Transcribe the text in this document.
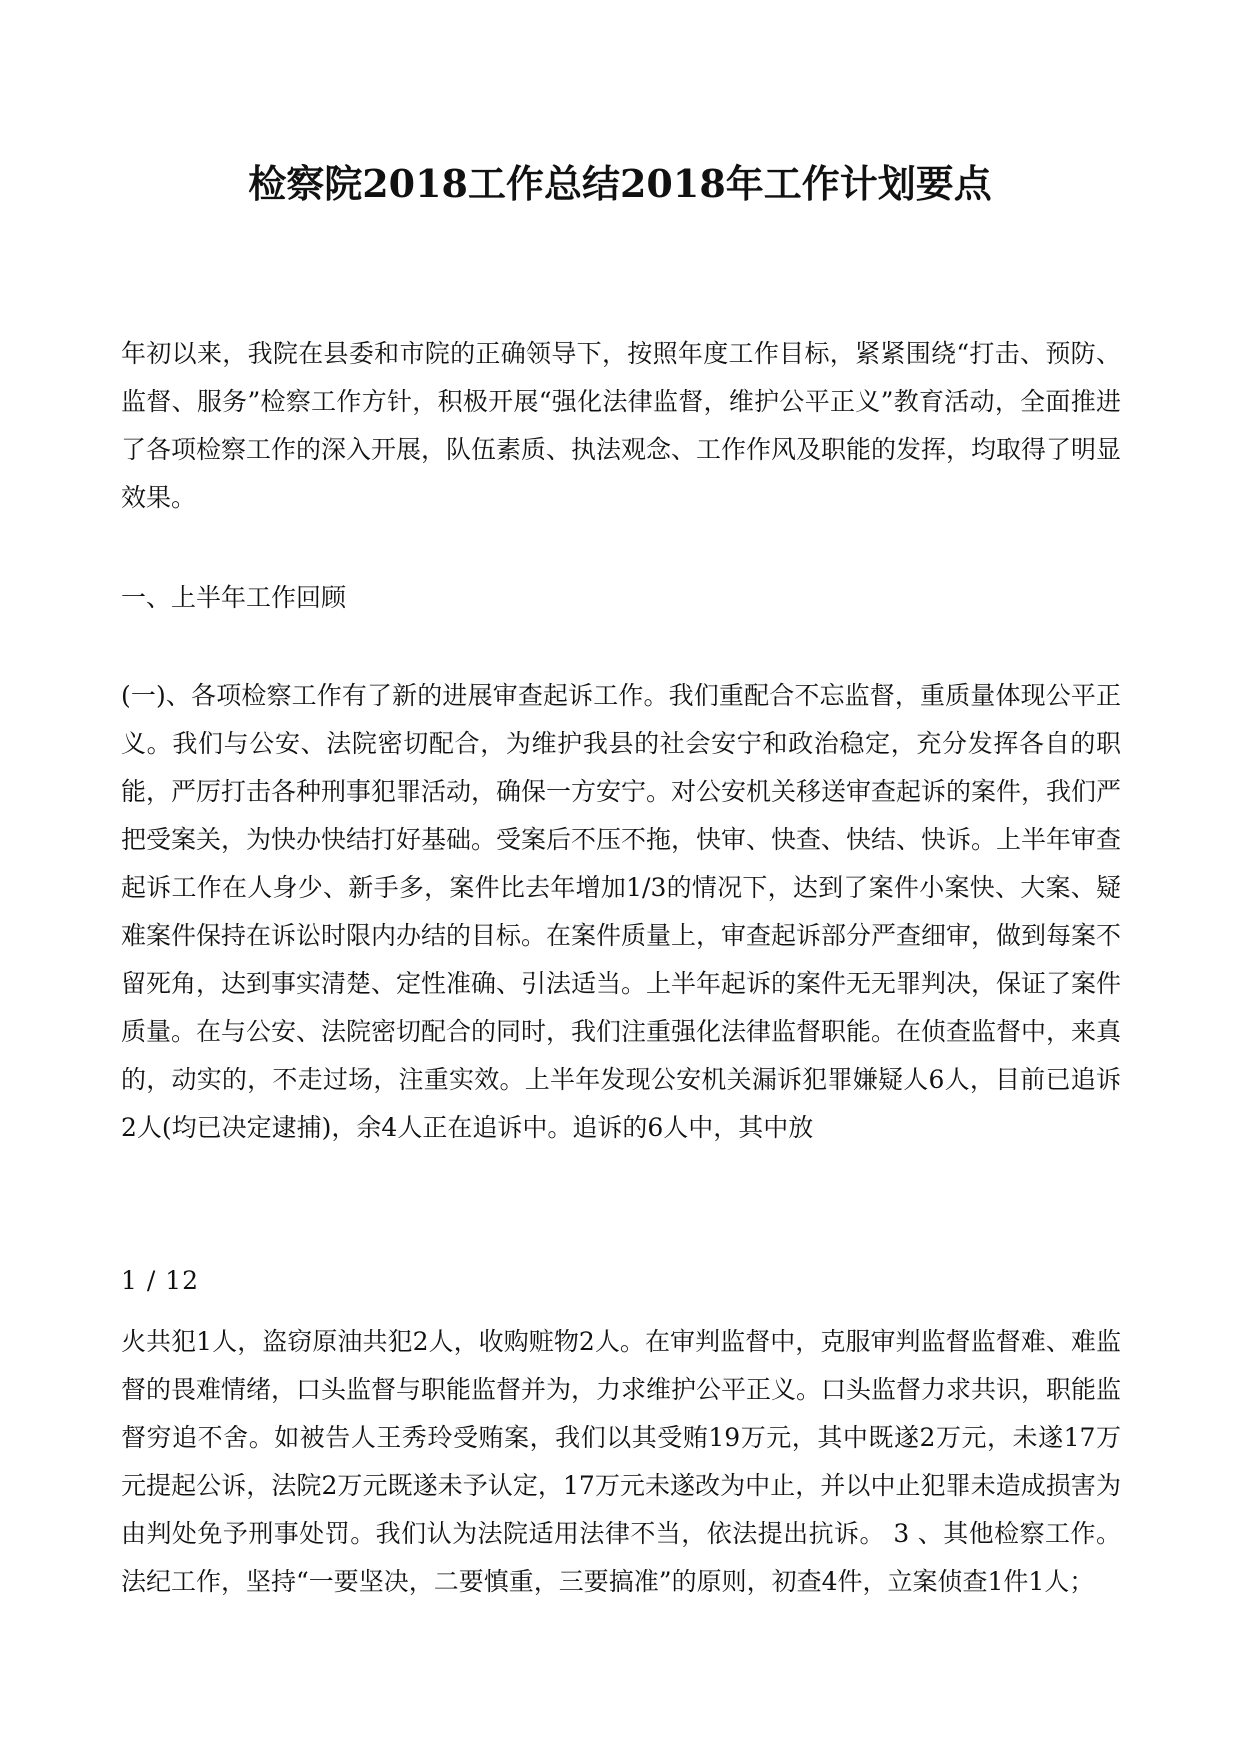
检察院2018工作总结2018年工作计划要点

年初以来，我院在县委和市院的正确领导下，按照年度工作目标，紧紧围绕“打击、预防、监督、服务”检察工作方针，积极开展“强化法律监督，维护公平正义”教育活动，全面推进了各项检察工作的深入开展，队伍素质、执法观念、工作作风及职能的发挥，均取得了明显效果。

一、上半年工作回顾

(一)、各项检察工作有了新的进展审查起诉工作。我们重配合不忘监督，重质量体现公平正义。我们与公安、法院密切配合，为维护我县的社会安宁和政治稳定，充分发挥各自的职能，严厉打击各种刑事犯罪活动，确保一方安宁。对公安机关移送审查起诉的案件，我们严把受案关，为快办快结打好基础。受案后不压不拖，快审、快查、快结、快诉。上半年审查起诉工作在人身少、新手多，案件比去年增加1/3的情况下，达到了案件小案快、大案、疑难案件保持在诉讼时限内办结的目标。在案件质量上，审查起诉部分严查细审，做到每案不留死角，达到事实清楚、定性准确、引法适当。上半年起诉的案件无无罪判决，保证了案件质量。在与公安、法院密切配合的同时，我们注重强化法律监督职能。在侦查监督中，来真的，动实的，不走过场，注重实效。上半年发现公安机关漏诉犯罪嫌疑人6人，目前已追诉2人(均已决定逮捕)，余4人正在追诉中。追诉的6人中，其中放

1 / 12

火共犯1人，盗窃原油共犯2人，收购赃物2人。在审判监督中，克服审判监督监督难、难监督的畏难情绪，口头监督与职能监督并为，力求维护公平正义。口头监督力求共识，职能监督穷追不舍。如被告人王秀玲受贿案，我们以其受贿19万元，其中既遂2万元，未遂17万元提起公诉，法院2万元既遂未予认定，17万元未遂改为中止，并以中止犯罪未造成损害为由判处免予刑事处罚。我们认为法院适用法律不当，依法提出抗诉。 3 、其他检察工作。法纪工作，坚持“一要坚决，二要慎重，三要搞准”的原则，初查4件，立案侦查1件1人；
